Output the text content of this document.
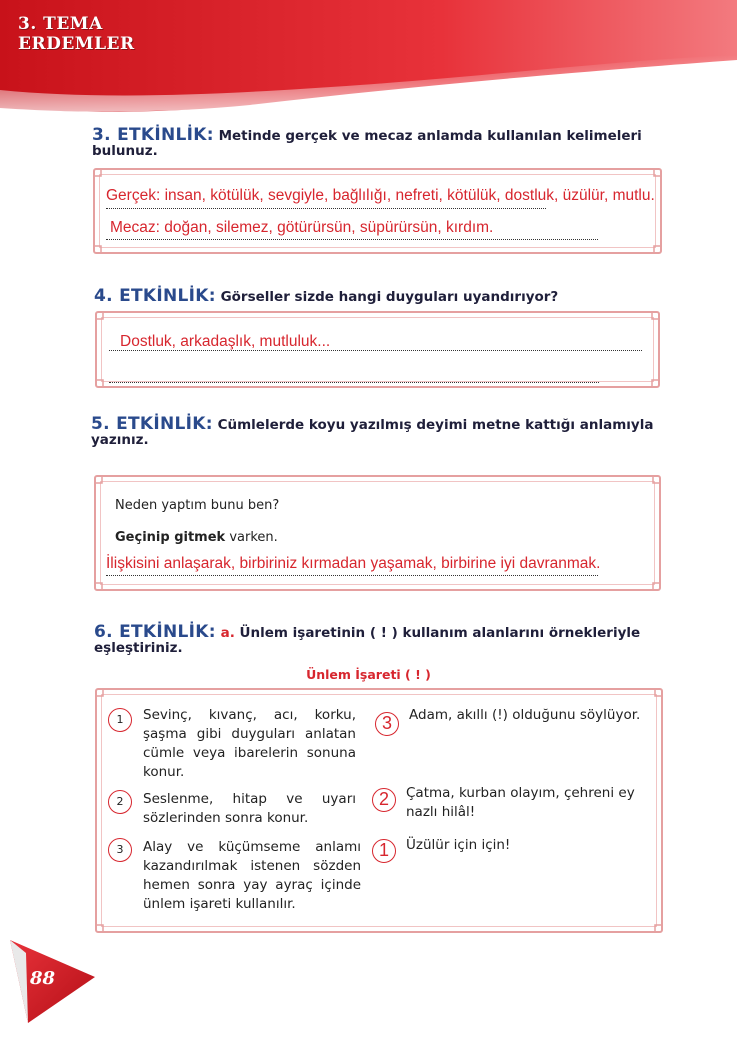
3. TEMA
ERDEMLER
3. ETKİNLİK: Metinde gerçek ve mecaz anlamda kullanılan kelimeleri
bulunuz.
Gerçek: insan, kötülük, sevgiyle, bağlılığı, nefreti, kötülük, dostluk, üzülür, mutlu.
Mecaz: doğan, silemez, götürürsün, süpürürsün, kırdım.
4. ETKİNLİK: Görseller sizde hangi duyguları uyandırıyor?
Dostluk, arkadaşlık, mutluluk...
5. ETKİNLİK: Cümlelerde koyu yazılmış deyimi metne kattığı anlamıyla
yazınız.
Neden yaptım bunu ben?
Geçinip gitmek varken.
İlişkisini anlaşarak, birbiriniz kırmadan yaşamak, birbirine iyi davranmak.
6. ETKİNLİK: a. Ünlem işaretinin ( ! ) kullanım alanlarını örnekleriyle
eşleştiriniz.
Ünlem İşareti ( ! )
1	Sevinç, kıvanç, acı, korku, şaşma gibi duyguları anlatan cümle veya ibarelerin sonuna konur.
2	Seslenme, hitap ve uyarı sözlerinden sonra konur.
3	Alay ve küçümseme anlamı kazandırılmak istenen sözden hemen sonra yay ayraç içinde ünlem işareti kullanılır.
3	Adam, akıllı (!) olduğunu söylüyor.
2	Çatma, kurban olayım, çehreni ey nazlı hilâl!
1	Üzülür için için!
88
